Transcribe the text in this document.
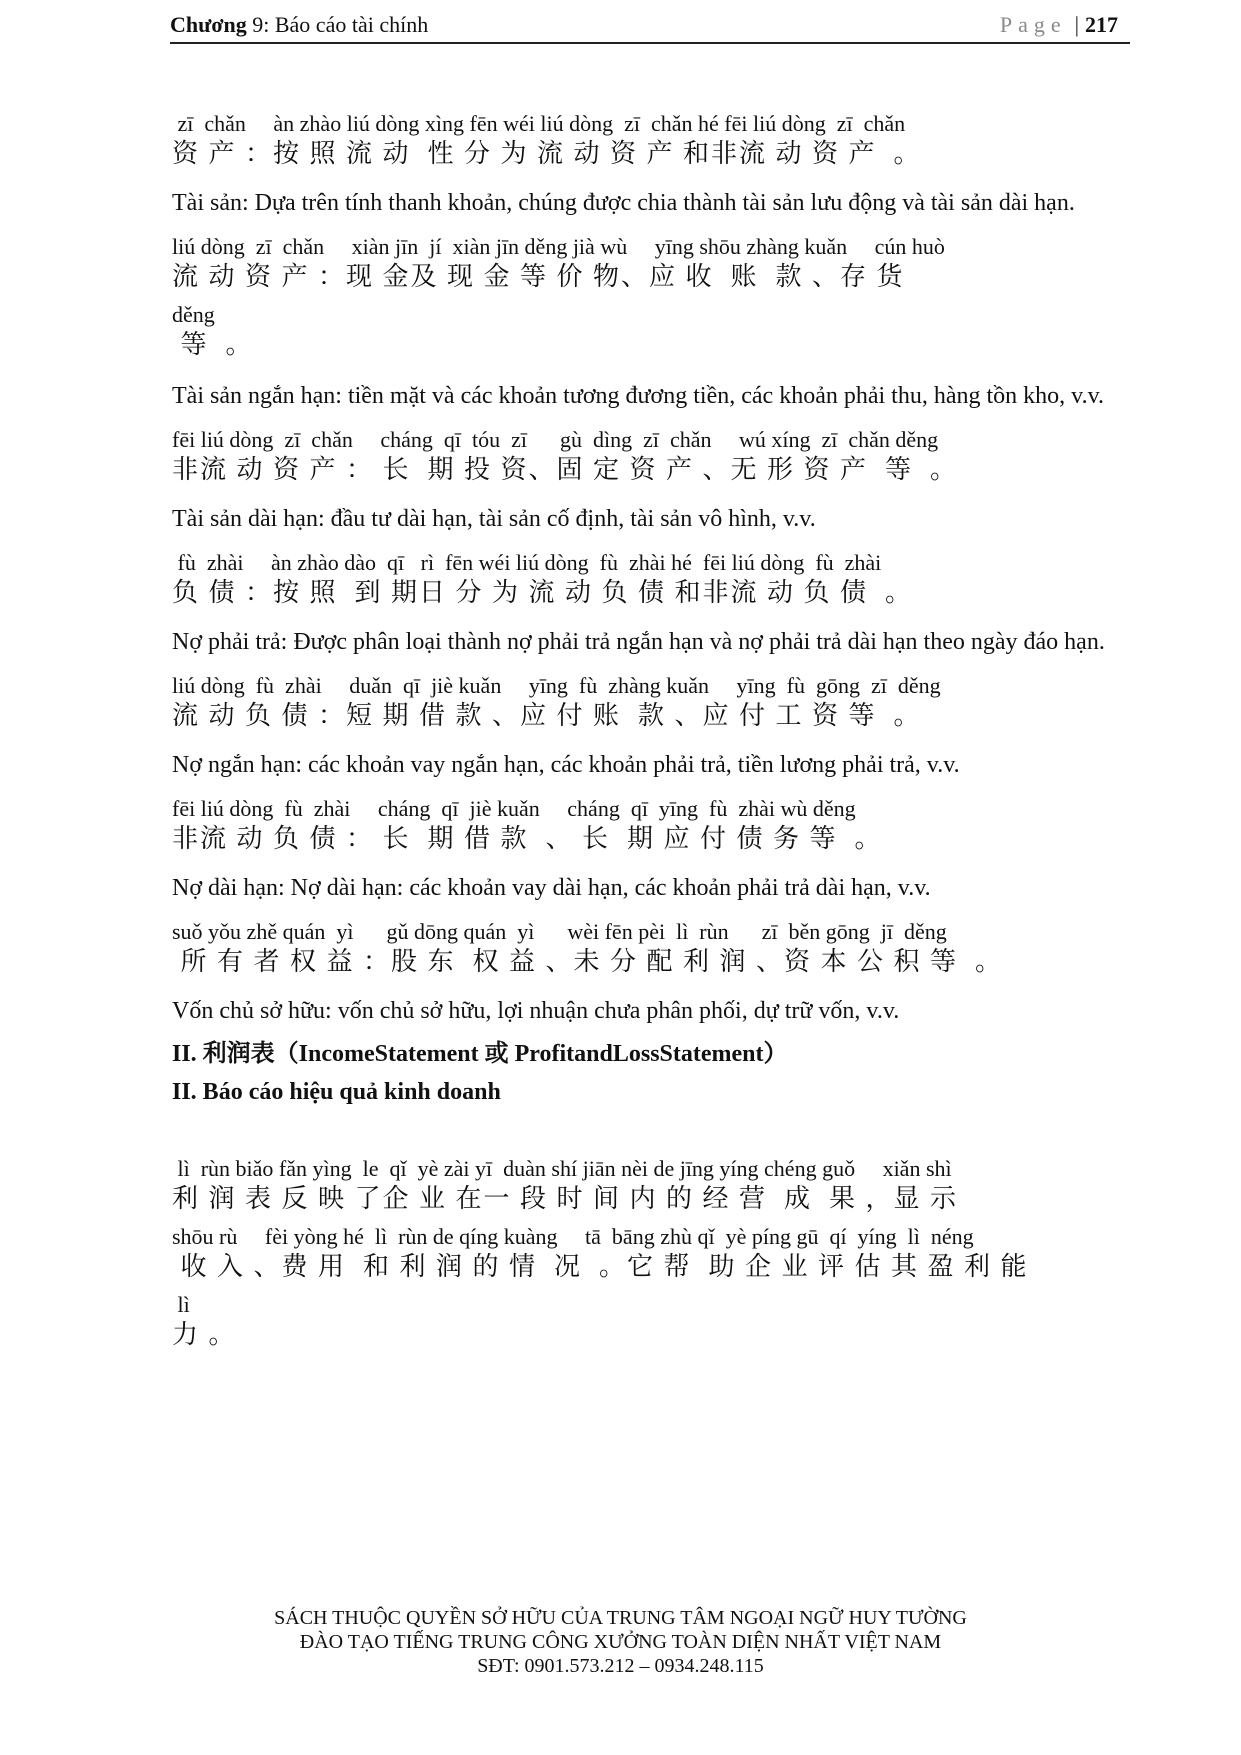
Chương 9: Báo cáo tài chính	Page | 217
zī  chǎn     àn zhào liú dòng xìng fēn wéi liú dòng  zī  chǎn hé fēi liú dòng  zī  chǎn
资 产 ：按 照 流 动  性 分 为 流 动 资 产 和非流 动 资 产  。

Tài sản: Dựa trên tính thanh khoản, chúng được chia thành tài sản lưu động và tài sản dài hạn.

liú dòng  zī  chǎn     xiàn jīn  jí  xiàn jīn děng jià wù     yīng shōu zhàng kuǎn     cún huò
流 动 资 产 ：现 金及 现 金 等 价 物、应 收  账  款 、存 货
děng
等  。

Tài sản ngắn hạn: tiền mặt và các khoản tương đương tiền, các khoản phải thu, hàng tồn kho, v.v.

fēi liú dòng  zī  chǎn     cháng  qī  tóu  zī      gù  dìng  zī  chǎn     wú xíng  zī  chǎn děng
非流 动 资 产 ： 长  期 投 资、固 定 资 产 、无 形 资 产  等  。

Tài sản dài hạn: đầu tư dài hạn, tài sản cố định, tài sản vô hình, v.v.

fù  zhài     àn zhào dào  qī   rì  fēn wéi liú dòng  fù  zhài hé  fēi liú dòng  fù  zhài
负 债 ：按 照  到 期日 分 为 流 动 负 债 和非流 动 负 债  。

Nợ phải trả: Được phân loại thành nợ phải trả ngắn hạn và nợ phải trả dài hạn theo ngày đáo hạn.

liú dòng  fù  zhài     duǎn  qī  jiè kuǎn     yīng  fù  zhàng kuǎn     yīng  fù  gōng  zī  děng
流 动 负 债 ：短 期 借 款 、应 付 账  款 、应 付 工 资 等  。

Nợ ngắn hạn: các khoản vay ngắn hạn, các khoản phải trả, tiền lương phải trả, v.v.

fēi liú dòng  fù  zhài     cháng  qī  jiè kuǎn     cháng  qī  yīng  fù  zhài wù děng
非流 动 负 债 ： 长  期 借 款  、 长  期 应 付 债 务 等  。

Nợ dài hạn: Nợ dài hạn: các khoản vay dài hạn, các khoản phải trả dài hạn, v.v.

suǒ yǒu zhě quán  yì      gǔ dōng quán  yì      wèi fēn pèi  lì  rùn      zī  běn gōng  jī  děng
所 有 者 权 益 ：股 东  权 益 、未 分 配 利 润 、资 本 公 积 等  。

Vốn chủ sở hữu: vốn chủ sở hữu, lợi nhuận chưa phân phối, dự trữ vốn, v.v.

II. 利润表（IncomeStatement 或 ProfitandLossStatement）

II. Báo cáo hiệu quả kinh doanh

lì  rùn biǎo fǎn yìng  le  qǐ  yè zài yī  duàn shí jiān nèi de jīng yíng chéng guǒ     xiǎn shì
利 润 表 反 映 了企 业 在一 段 时 间 内 的 经 营  成  果 ，显 示
shōu rù     fèi yòng hé  lì  rùn de qíng kuàng     tā  bāng zhù qǐ  yè píng gū  qí  yíng  lì  néng
收 入 、费 用  和 利 润 的 情  况  。它 帮  助 企 业 评 估 其 盈 利 能
lì
力 。
SÁCH THUỘC QUYỀN SỞ HỮU CỦA TRUNG TÂM NGOẠI NGỮ HUY TƯỜNG
ĐÀO TẠO TIẾNG TRUNG CÔNG XƯỞNG TOÀN DIỆN NHẤT VIỆT NAM
SĐT: 0901.573.212 – 0934.248.115
